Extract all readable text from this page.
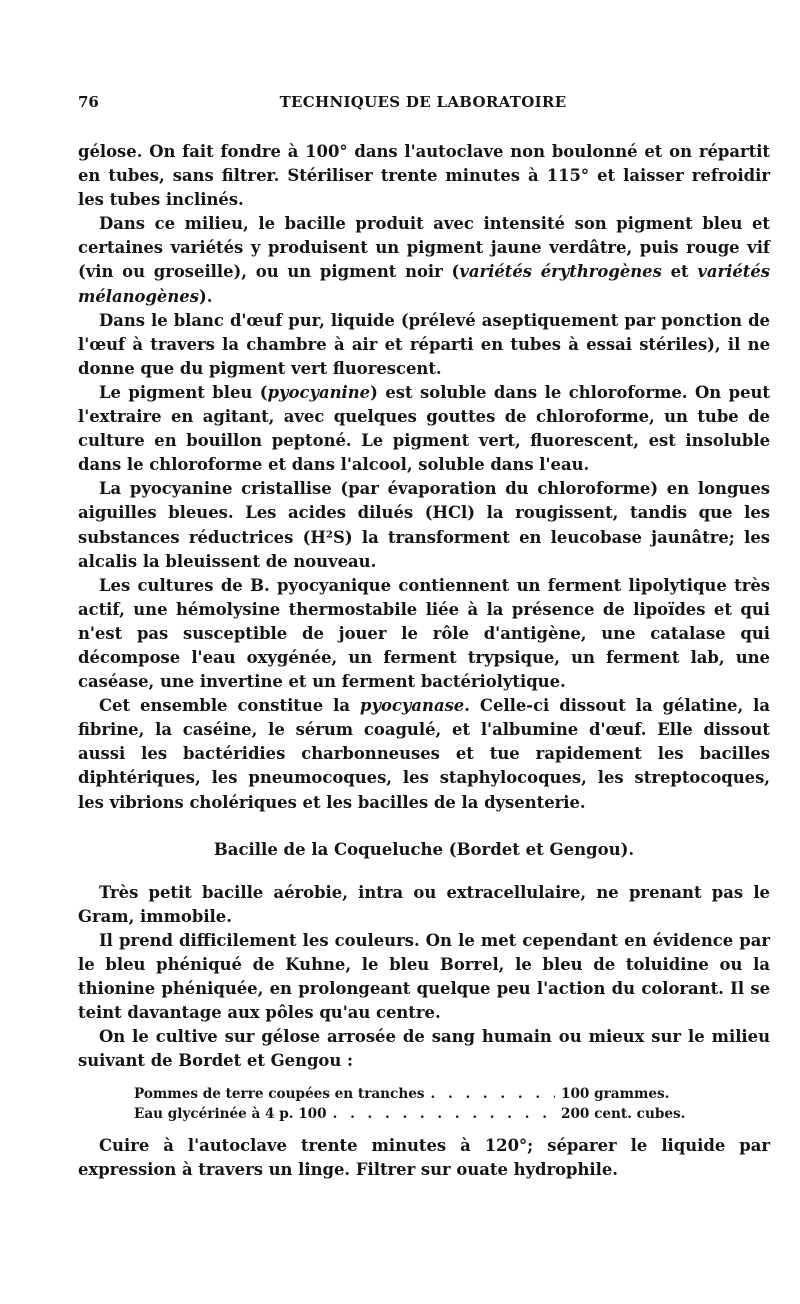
76	TECHNIQUES DE LABORATOIRE

gélose. On fait fondre à 100° dans l'autoclave non boulonné et on répartit en tubes, sans filtrer. Stériliser trente minutes à 115° et laisser refroidir les tubes inclinés.

Dans ce milieu, le bacille produit avec intensité son pigment bleu et certaines variétés y produisent un pigment jaune verdâtre, puis rouge vif (vin ou groseille), ou un pigment noir (variétés érythrogènes et variétés mélanogènes).

Dans le blanc d'œuf pur, liquide (prélevé aseptiquement par ponction de l'œuf à travers la chambre à air et réparti en tubes à essai stériles), il ne donne que du pigment vert fluorescent.

Le pigment bleu (pyocyanine) est soluble dans le chloroforme. On peut l'extraire en agitant, avec quelques gouttes de chloroforme, un tube de culture en bouillon peptoné. Le pigment vert, fluorescent, est insoluble dans le chloroforme et dans l'alcool, soluble dans l'eau.

La pyocyanine cristallise (par évaporation du chloroforme) en longues aiguilles bleues. Les acides dilués (HCl) la rougissent, tandis que les substances réductrices (H²S) la transforment en leucobase jaunâtre; les alcalis la bleuissent de nouveau.

Les cultures de B. pyocyanique contiennent un ferment lipolytique très actif, une hémolysine thermostabile liée à la présence de lipoïdes et qui n'est pas susceptible de jouer le rôle d'antigène, une catalase qui décompose l'eau oxygénée, un ferment trypsique, un ferment lab, une caséase, une invertine et un ferment bactériolytique.

Cet ensemble constitue la pyocyanase. Celle-ci dissout la gélatine, la fibrine, la caséine, le sérum coagulé, et l'albumine d'œuf. Elle dissout aussi les bactéridies charbonneuses et tue rapidement les bacilles diphtériques, les pneumocoques, les staphylocoques, les streptocoques, les vibrions cholériques et les bacilles de la dysenterie.

Bacille de la Coqueluche (Bordet et Gengou).

Très petit bacille aérobie, intra ou extracellulaire, ne prenant pas le Gram, immobile.

Il prend difficilement les couleurs. On le met cependant en évidence par le bleu phéniqué de Kuhne, le bleu Borrel, le bleu de toluidine ou la thionine phéniquée, en prolongeant quelque peu l'action du colorant. Il se teint davantage aux pôles qu'au centre.

On le cultive sur gélose arrosée de sang humain ou mieux sur le milieu suivant de Bordet et Gengou :

Pommes de terre coupées en tranches . . .	100 grammes.
Eau glycérinée à 4 p. 100 . . .	200 cent. cubes.

Cuire à l'autoclave trente minutes à 120°; séparer le liquide par expression à travers un linge. Filtrer sur ouate hydrophile.
